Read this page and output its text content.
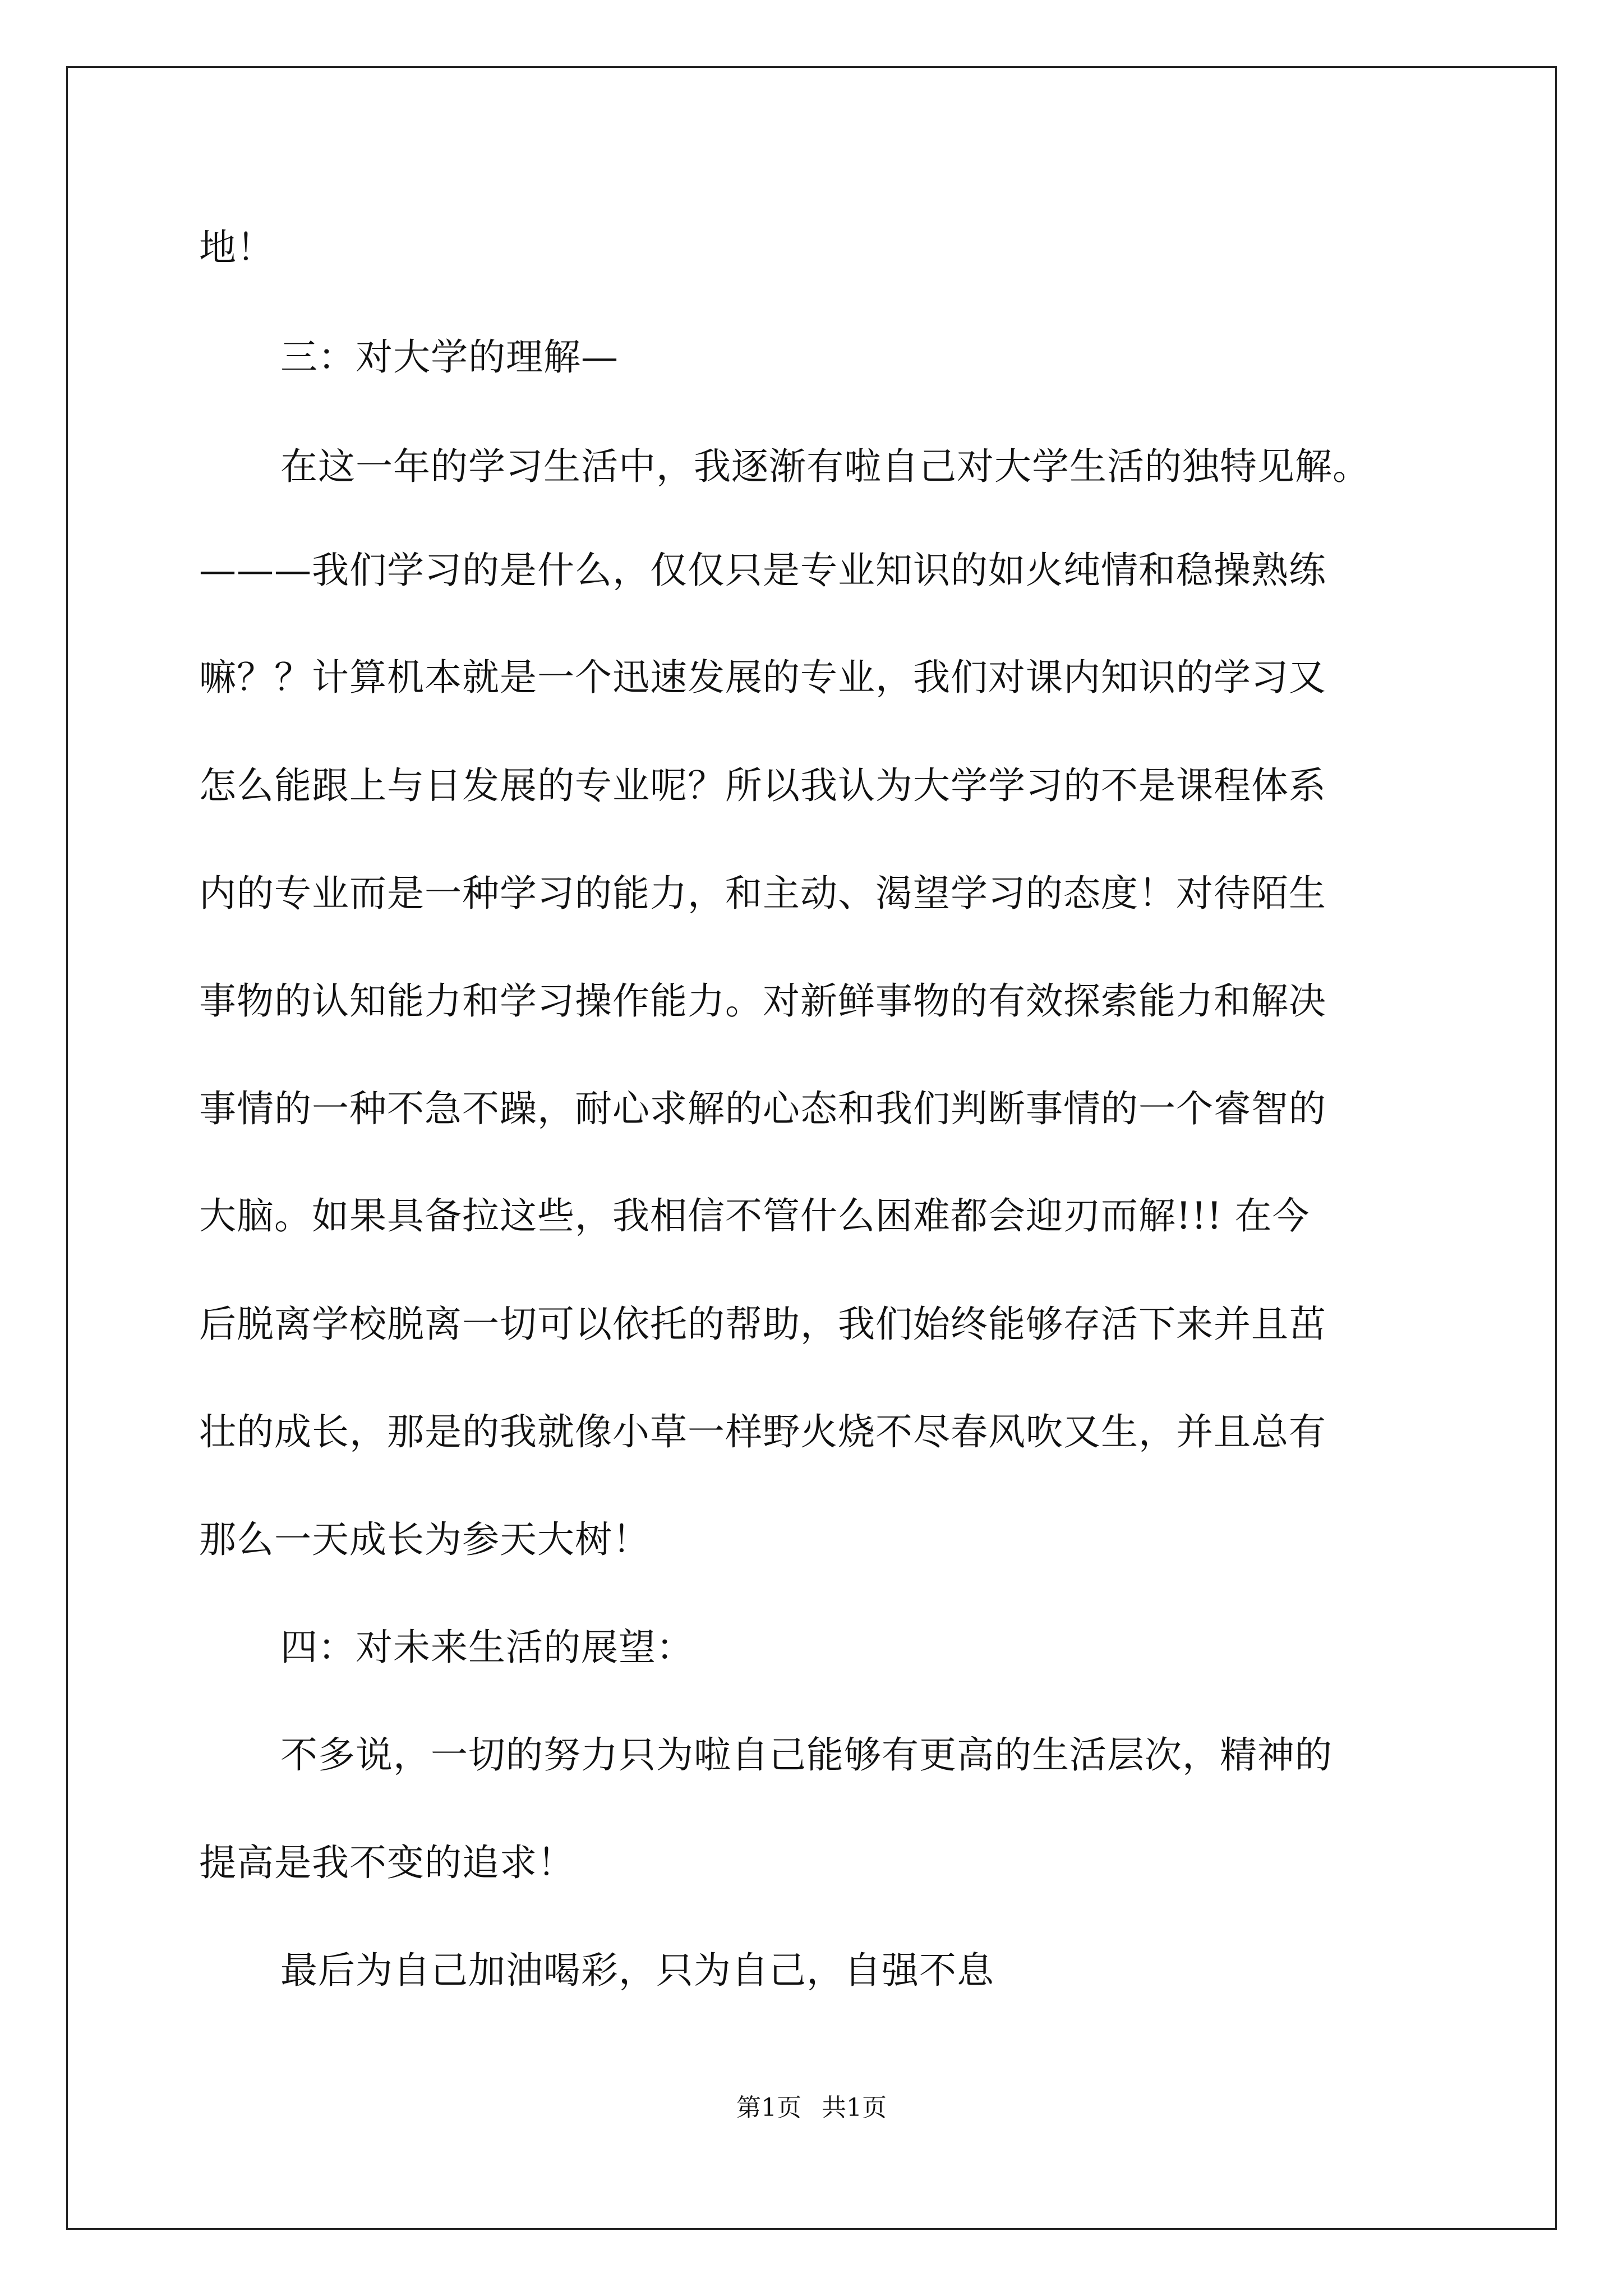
地！
三：对大学的理解—
在这一年的学习生活中，我逐渐有啦自己对大学生活的独特见解。
———我们学习的是什么，仅仅只是专业知识的如火纯情和稳操熟练
嘛？？计算机本就是一个迅速发展的专业，我们对课内知识的学习又
怎么能跟上与日发展的专业呢？所以我认为大学学习的不是课程体系
内的专业而是一种学习的能力，和主动、渴望学习的态度！对待陌生
事物的认知能力和学习操作能力。对新鲜事物的有效探索能力和解决
事情的一种不急不躁，耐心求解的心态和我们判断事情的一个睿智的
大脑。如果具备拉这些，我相信不管什么困难都会迎刃而解!!! 在今
后脱离学校脱离一切可以依托的帮助，我们始终能够存活下来并且茁
壮的成长，那是的我就像小草一样野火烧不尽春风吹又生，并且总有
那么一天成长为参天大树！
四：对未来生活的展望：
不多说，一切的努力只为啦自己能够有更高的生活层次，精神的
提高是我不变的追求！
最后为自己加油喝彩，只为自己，自强不息
第1页 共1页
